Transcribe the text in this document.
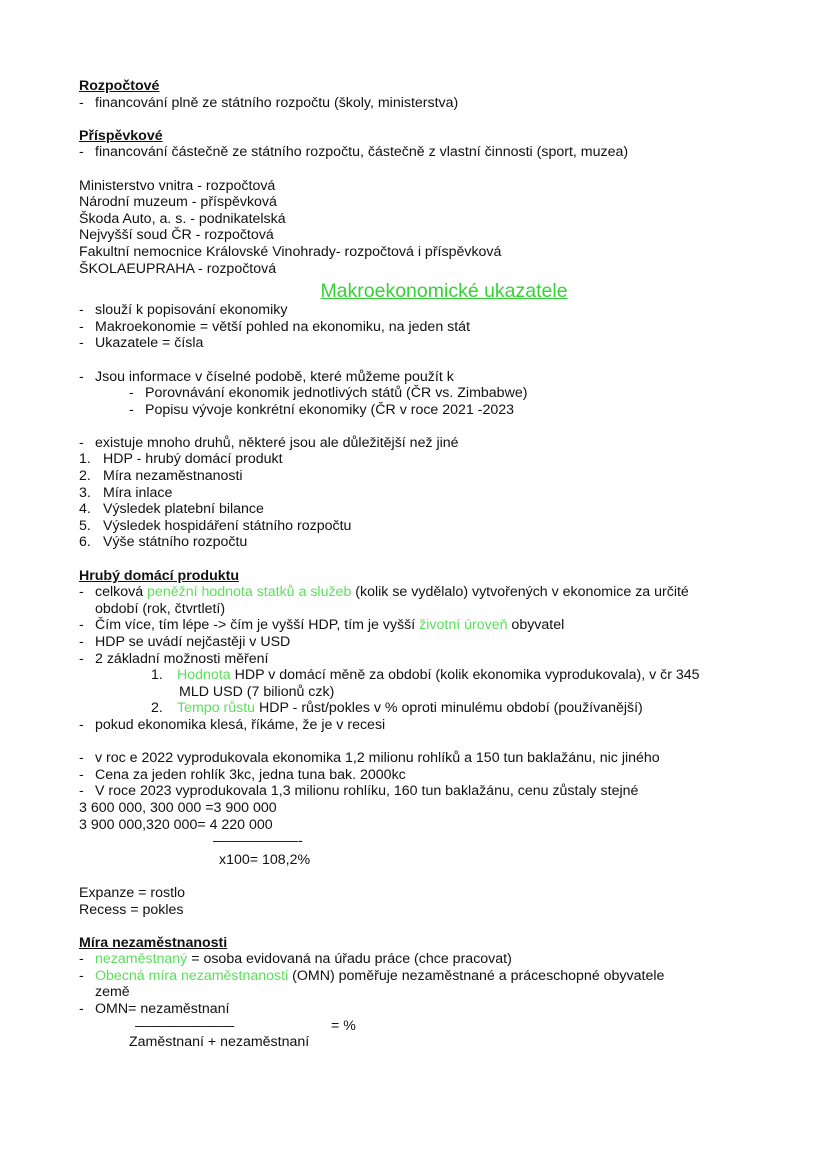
Rozpočtové
- financování plně ze státního rozpočtu (školy, ministerstva)
Příspěvkové
- financování částečně ze státního rozpočtu, částečně z vlastní činnosti (sport, muzea)
Ministerstvo vnitra - rozpočtová
Národní muzeum - příspěvková
Škoda Auto, a. s. - podnikatelská
Nejvyšší soud ČR - rozpočtová
Fakultní nemocnice Královské Vinohrady- rozpočtová i příspěvková
ŠKOLAEUPRAHA - rozpočtová
Makroekonomické ukazatele
- slouží k popisování ekonomiky
- Makroekonomie = větší pohled na ekonomiku, na jeden stát
- Ukazatele = čísla
- Jsou informace v číselné podobě, které můžeme použít k
- Porovnávání ekonomik jednotlivých států (ČR vs. Zimbabwe)
- Popisu vývoje konkrétní ekonomiky (ČR v roce 2021 -2023
- existuje mnoho druhů, některé jsou ale důležitější než jiné
1. HDP - hrubý domácí produkt
2. Míra nezaměstnanosti
3. Míra inlace
4. Výsledek platební bilance
5. Výsledek hospidáření státního rozpočtu
6. Výše státního rozpočtu
Hrubý domácí produktu
- celková peněžní hodnota statků a služeb (kolik se vydělalo) vytvořených v ekonomice za určité
období (rok, čtvrtletí)
- Čím více, tím lépe -> čím je vyšší HDP, tím je vyšší životní úroveň obyvatel
- HDP se uvádí nejčastěji v USD
- 2 základní možnosti měření
1. Hodnota HDP v domácí měně za období (kolik ekonomika vyprodukovala), v čr 345
MLD USD (7 bilionů czk)
2. Tempo růstu HDP - růst/pokles v % oproti minulému období (používanější)
- pokud ekonomika klesá, říkáme, že je v recesi
- v roc e 2022 vyprodukovala ekonomika 1,2 milionu rohlíků a 150 tun baklažánu, nic jiného
- Cena za jeden rohlík 3kc, jedna tuna bak. 2000kc
- V roce 2023 vyprodukovala 1,3 milionu rohlíku, 160 tun baklažánu, cenu zůstaly stejné
3 600 000, 300 000 =3 900 000
3 900 000,320 000= 4 220 000
——————-
x100= 108,2%
Expanze = rostlo
Recess = pokles
Míra nezaměstnanosti
- nezaměstnaný = osoba evidovaná na úřadu práce (chce pracovat)
- Obecná míra nezaměstnanosti (OMN) poměřuje nezaměstnané a práceschopné obyvatele
země
- OMN= nezaměstnaní
———————	= %
Zaměstnaní + nezaměstnaní
